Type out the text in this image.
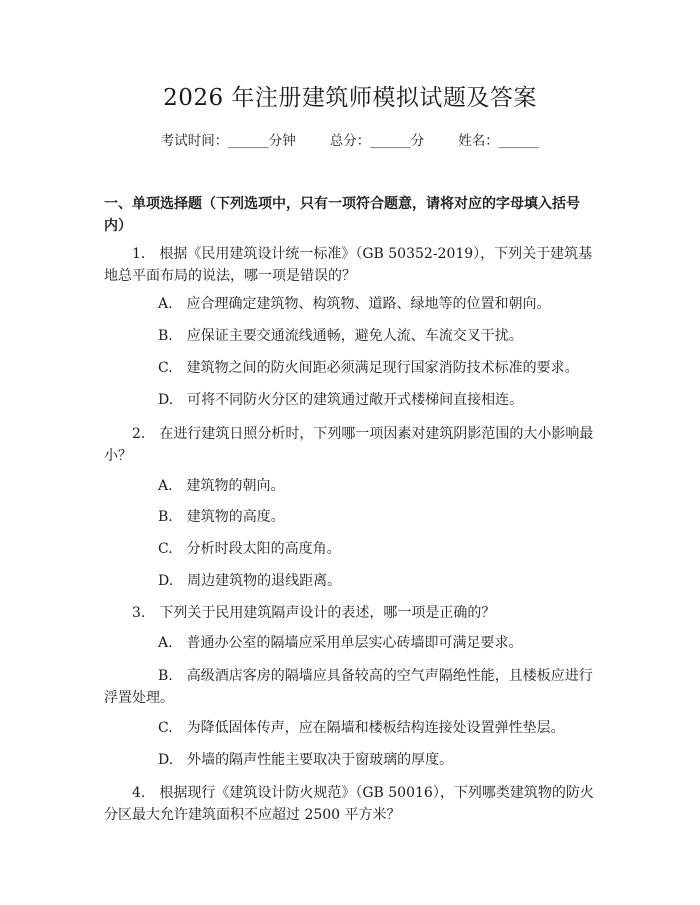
2026 年注册建筑师模拟试题及答案
考试时间：______分钟	总分：______分	姓名：______
一、单项选择题（下列选项中，只有一项符合题意，请将对应的字母填入括号内）
1.　根据《民用建筑设计统一标准》（GB 50352-2019），下列关于建筑基地总平面布局的说法，哪一项是错误的？
A.　应合理确定建筑物、构筑物、道路、绿地等的位置和朝向。
B.　应保证主要交通流线通畅，避免人流、车流交叉干扰。
C.　建筑物之间的防火间距必须满足现行国家消防技术标准的要求。
D.　可将不同防火分区的建筑通过敞开式楼梯间直接相连。
2.　在进行建筑日照分析时，下列哪一项因素对建筑阴影范围的大小影响最小？
A.　建筑物的朝向。
B.　建筑物的高度。
C.　分析时段太阳的高度角。
D.　周边建筑物的退线距离。
3.　下列关于民用建筑隔声设计的表述，哪一项是正确的？
A.　普通办公室的隔墙应采用单层实心砖墙即可满足要求。
B.　高级酒店客房的隔墙应具备较高的空气声隔绝性能，且楼板应进行浮置处理。
C.　为降低固体传声，应在隔墙和楼板结构连接处设置弹性垫层。
D.　外墙的隔声性能主要取决于窗玻璃的厚度。
4.　根据现行《建筑设计防火规范》（GB 50016），下列哪类建筑物的防火分区最大允许建筑面积不应超过 2500 平方米？
